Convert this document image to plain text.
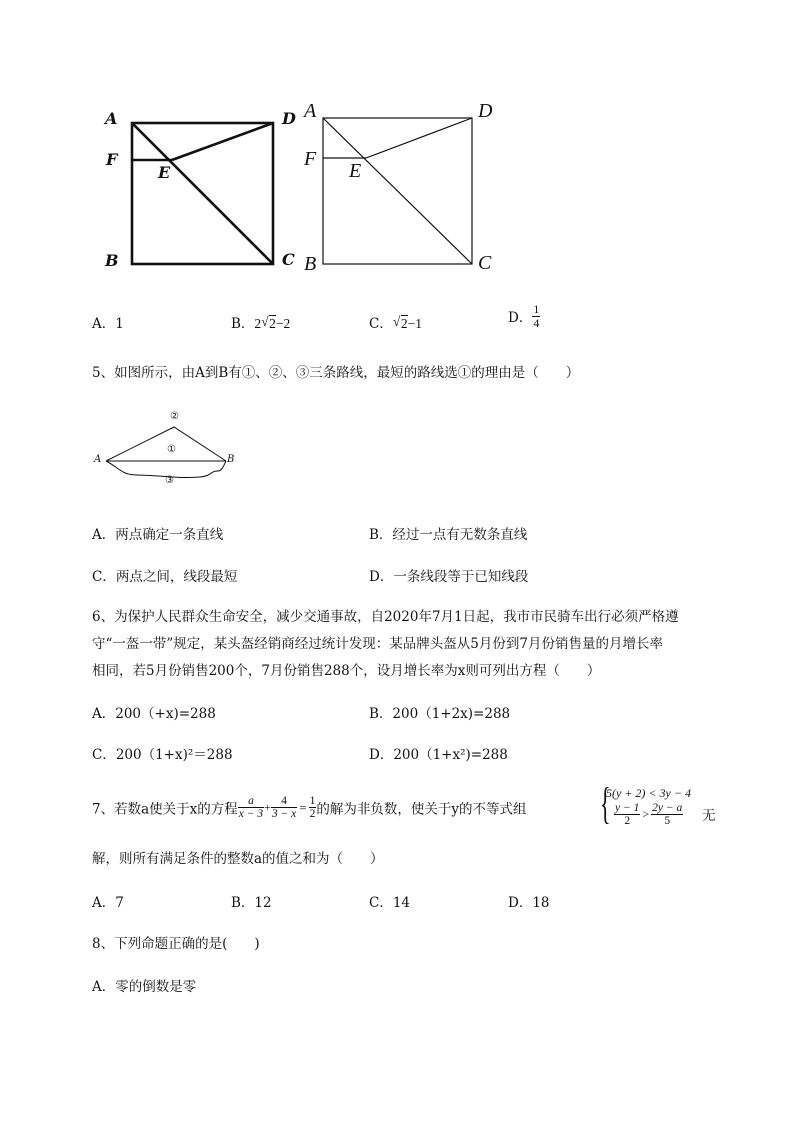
A	D
F
E
B	C
A	D
F
E
B	C
A．1	B．2 √ 2−2	C． √ 2−1	D． $\frac{1}{4}$
5、如图所示，由A到B有①、②、③三条路线，最短的路线选①的理由是（　　）
A	B
①
②
③
A．两点确定一条直线	B．经过一点有无数条直线
C．两点之间，线段最短	D．一条线段等于已知线段
6、为保护人民群众生命安全，减少交通事故，自2020年7月1日起，我市市民骑车出行必须严格遵
守“一盔一带”规定，某头盔经销商经过统计发现：某品牌头盔从5月份到7月份销售量的月增长率
相同，若5月份销售200个，7月份销售288个，设月增长率为x则可列出方程（　　）
A．200（+x)=288	B．200（1+2x)=288
C．200（1+x)²＝288	D．200（1+x²)=288
7、若数a使关于x的方程 $\frac{a}{x - 3} + \frac{4}{3 - x} = \frac{1}{2}$ 的解为非负数，使关于y的不等式组 {
5(y + 2) < 3y − 4
$\frac{y - 1}{2} > \frac{2y - a}{5}$ 无
解，则所有满足条件的整数a的值之和为（　　）
A．7	B．12	C．14	D．18
8、下列命题正确的是(　　)
A．零的倒数是零
